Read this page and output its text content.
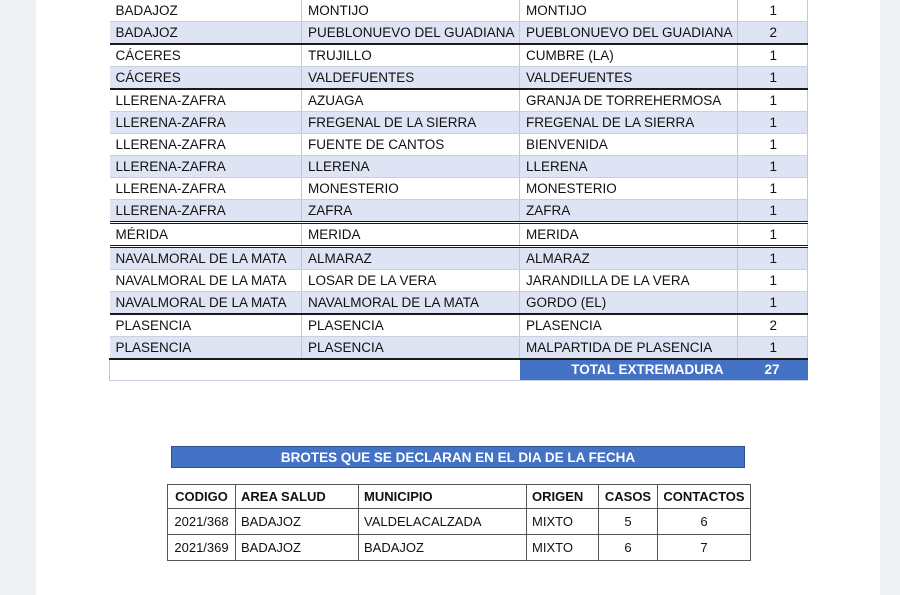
BADAJOZ	MONTIJO	MONTIJO	1
BADAJOZ	PUEBLONUEVO DEL GUADIANA	PUEBLONUEVO DEL GUADIANA	2
CÁCERES	TRUJILLO	CUMBRE (LA)	1
CÁCERES	VALDEFUENTES	VALDEFUENTES	1
LLERENA-ZAFRA	AZUAGA	GRANJA DE TORREHERMOSA	1
LLERENA-ZAFRA	FREGENAL DE LA SIERRA	FREGENAL DE LA SIERRA	1
LLERENA-ZAFRA	FUENTE DE CANTOS	BIENVENIDA	1
LLERENA-ZAFRA	LLERENA	LLERENA	1
LLERENA-ZAFRA	MONESTERIO	MONESTERIO	1
LLERENA-ZAFRA	ZAFRA	ZAFRA	1
MÉRIDA	MERIDA	MERIDA	1
NAVALMORAL DE LA MATA	ALMARAZ	ALMARAZ	1
NAVALMORAL DE LA MATA	LOSAR DE LA VERA	JARANDILLA DE LA VERA	1
NAVALMORAL DE LA MATA	NAVALMORAL DE LA MATA	GORDO (EL)	1
PLASENCIA	PLASENCIA	PLASENCIA	2
PLASENCIA	PLASENCIA	MALPARTIDA DE PLASENCIA	1
		TOTAL EXTREMADURA	27
BROTES QUE SE DECLARAN EN EL DIA DE LA FECHA
CODIGO	AREA SALUD	MUNICIPIO	ORIGEN	CASOS	CONTACTOS
2021/368	BADAJOZ	VALDELACALZADA	MIXTO	5	6
2021/369	BADAJOZ	BADAJOZ	MIXTO	6	7
